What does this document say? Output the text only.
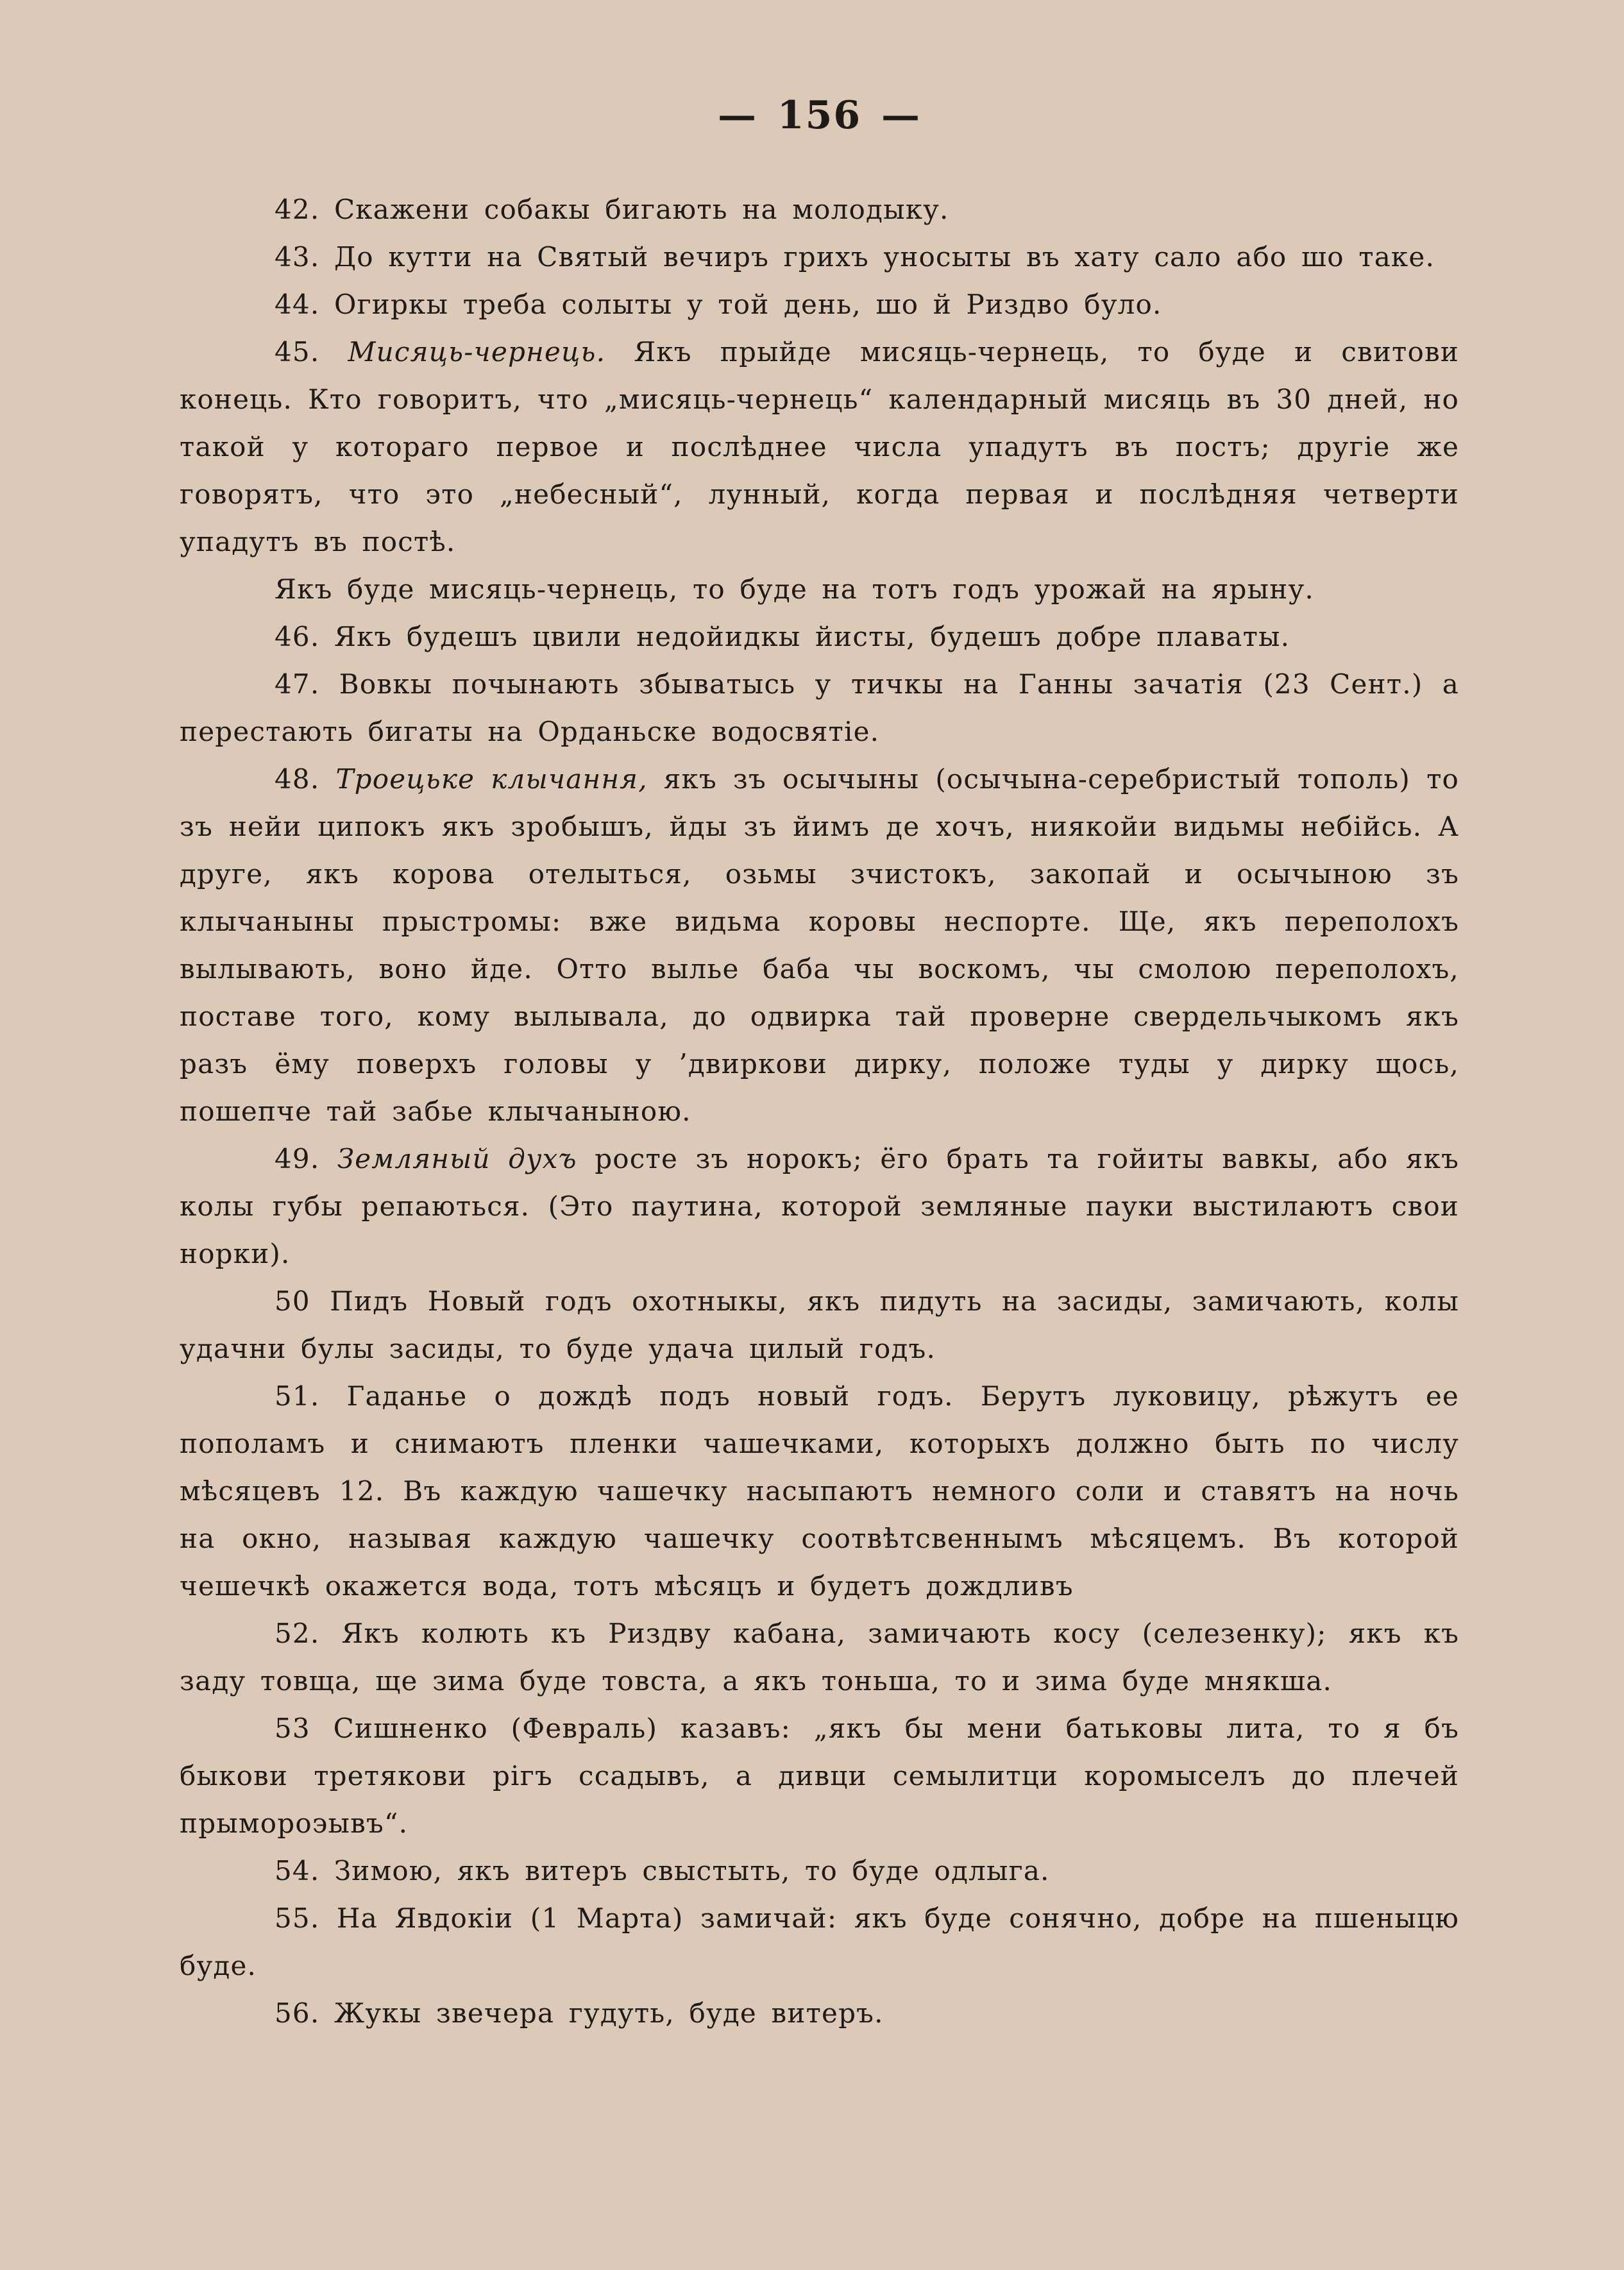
— 156 —

42. Скажени собакы бигають на молодыку.

43. До кутти на Святый вечиръ грихъ уносыты въ хату сало або шо таке.

44. Огиркы треба солыты у той день, шо й Риздво було.

45. Мисяць-чернець. Якъ прыйде мисяць-чернець, то буде и свитови конець. Кто говоритъ, что „мисяць-чернець“ календарный мисяць въ 30 дней, но такой у котораго первое и послѣднее числа упадутъ въ постъ; другіе же говорятъ, что это „небесный“, лунный, когда первая и послѣдняя четверти упадутъ въ постѣ.

Якъ буде мисяць-чернець, то буде на тотъ годъ урожай на ярыну.

46. Якъ будешъ цвили недойидкы йисты, будешъ добре плаваты.

47. Вовкы почынають збыватысь у тичкы на Ганны зачатія (23 Сент.) а перестають бигаты на Орданьске водосвятіе.

48. Троецьке клычання, якъ зъ осычыны (осычына-серебристый тополь) то зъ нейи ципокъ якъ зробышъ, йды зъ йимъ де хочъ, ниякойи видьмы небійсь. А друге, якъ корова отелыться, озьмы зчистокъ, закопай и осычыною зъ клычаныны прыстромы: вже видьма коровы неспорте. Ще, якъ переполохъ вылывають, воно йде. Отто вылье баба чы воскомъ, чы смолою переполохъ, поставе того, кому вылывала, до одвирка тай проверне свердельчыкомъ якъ разъ ёму поверхъ головы у ’двиркови дирку, положе туды у дирку щось, пошепче тай забье клычаныною.

49. Земляный духъ росте зъ норокъ; ёго брать та гойиты вавкы, або якъ колы губы репаються. (Это паутина, которой земляные пауки выстилаютъ свои норки).

50 Пидъ Новый годъ охотныкы, якъ пидуть на засиды, замичають, колы удачни булы засиды, то буде удача цилый годъ.

51. Гаданье о дождѣ подъ новый годъ. Берутъ луковицу, рѣжутъ ее пополамъ и снимаютъ пленки чашечками, которыхъ должно быть по числу мѣсяцевъ 12. Въ каждую чашечку насыпаютъ немного соли и ставятъ на ночь на окно, называя каждую чашечку соотвѣтсвеннымъ мѣсяцемъ. Въ которой чешечкѣ окажется вода, тотъ мѣсяцъ и будетъ дождливъ

52. Якъ колють къ Риздву кабана, замичають косу (селезенку); якъ къ заду товща, ще зима буде товста, а якъ тоньша, то и зима буде мнякша.

53 Сишненко (Февраль) казавъ: „якъ бы мени батьковы лита, то я бъ быкови третякови рігъ ссадывъ, а дивци семылитци коромыселъ до плечей прымороэывъ“.

54. Зимою, якъ витеръ свыстыть, то буде одлыга.

55. На Явдокіи (1 Марта) замичай: якъ буде сонячно, добре на пшеныцю буде.

56. Жукы звечера гудуть, буде витеръ.
